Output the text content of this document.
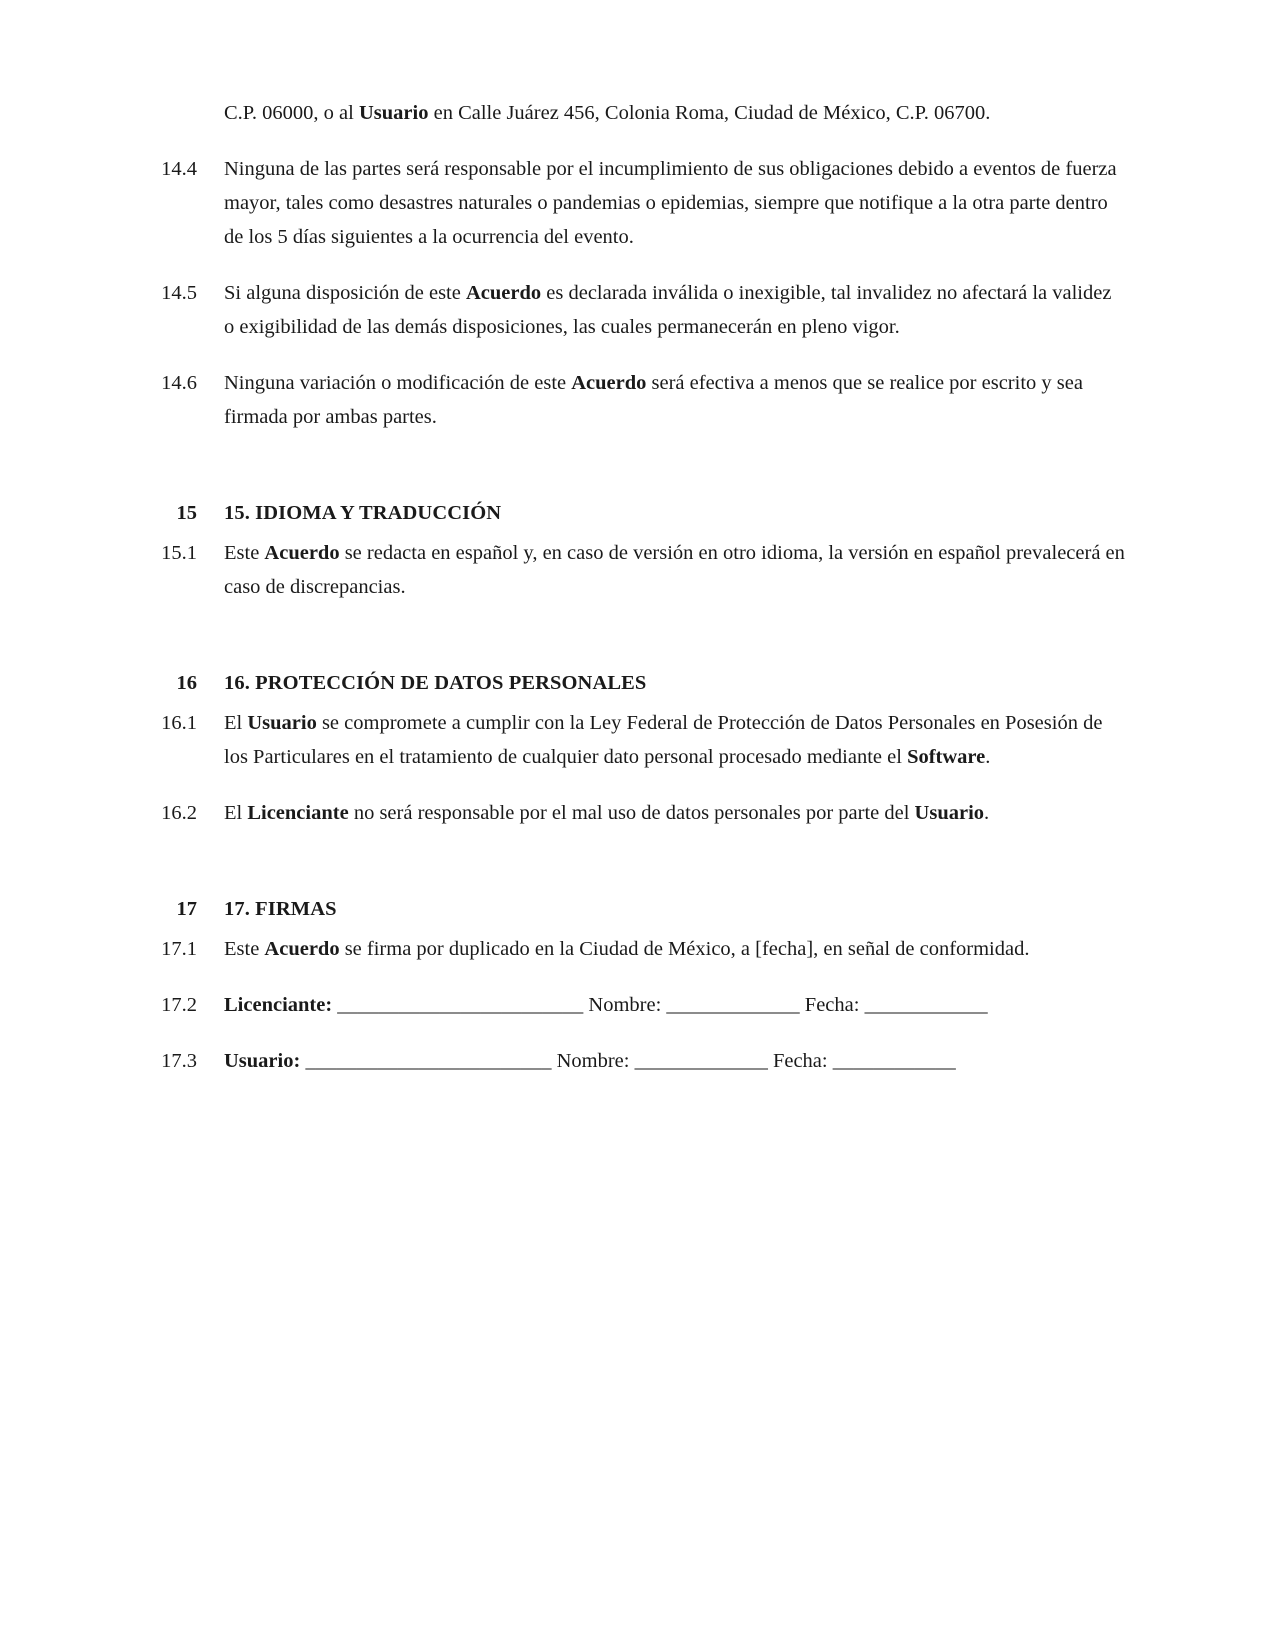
C.P. 06000, o al Usuario en Calle Juárez 456, Colonia Roma, Ciudad de México, C.P. 06700.
14.4	Ninguna de las partes será responsable por el incumplimiento de sus obligaciones debido a eventos de fuerza mayor, tales como desastres naturales o pandemias o epidemias, siempre que notifique a la otra parte dentro de los 5 días siguientes a la ocurrencia del evento.
14.5	Si alguna disposición de este Acuerdo es declarada inválida o inexigible, tal invalidez no afectará la validez o exigibilidad de las demás disposiciones, las cuales permanecerán en pleno vigor.
14.6	Ninguna variación o modificación de este Acuerdo será efectiva a menos que se realice por escrito y sea firmada por ambas partes.
15	15. IDIOMA Y TRADUCCIÓN
15.1	Este Acuerdo se redacta en español y, en caso de versión en otro idioma, la versión en español prevalecerá en caso de discrepancias.
16	16. PROTECCIÓN DE DATOS PERSONALES
16.1	El Usuario se compromete a cumplir con la Ley Federal de Protección de Datos Personales en Posesión de los Particulares en el tratamiento de cualquier dato personal procesado mediante el Software.
16.2	El Licenciante no será responsable por el mal uso de datos personales por parte del Usuario.
17	17. FIRMAS
17.1	Este Acuerdo se firma por duplicado en la Ciudad de México, a [fecha], en señal de conformidad.
17.2	Licenciante: ________________________ Nombre: _____________ Fecha: ____________
17.3	Usuario: ________________________ Nombre: _____________ Fecha: ____________
